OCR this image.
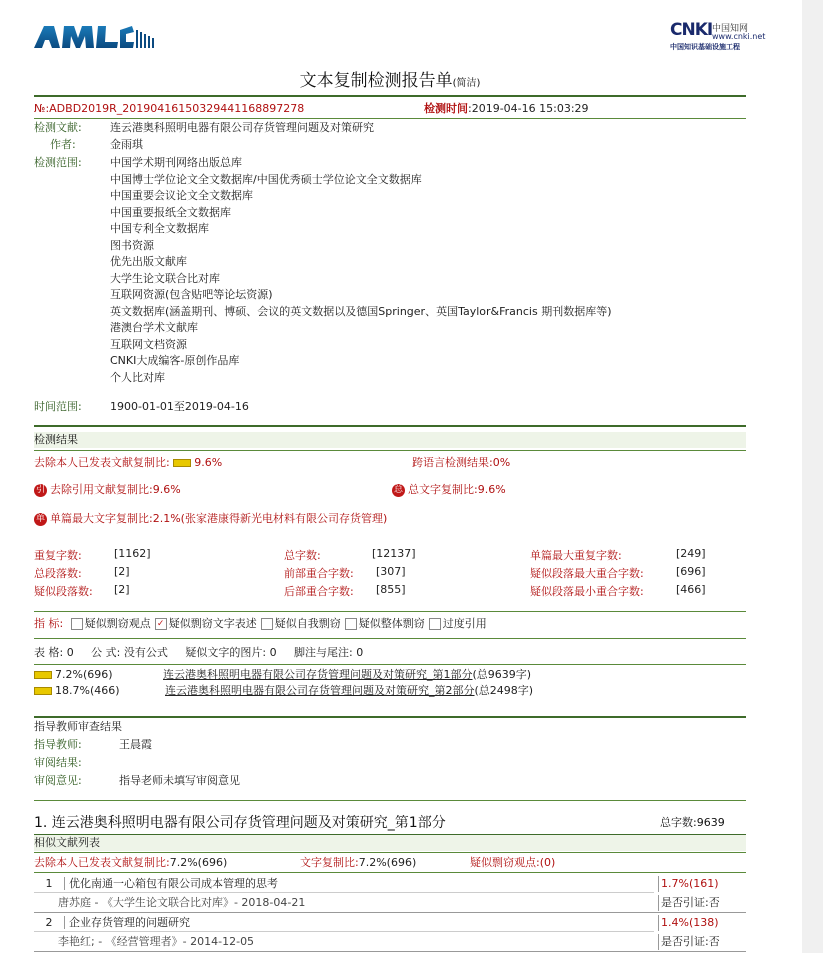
CNKI 中国知网
www.cnki.net
中国知识基础设施工程
文本复制检测报告单(简洁)
№:ADBD2019R_20190416150329441168897278	检测时间:2019-04-16 15:03:29
检测文献:	连云港奥科照明电器有限公司存货管理问题及对策研究
作者:	金雨琪
检测范围:	中国学术期刊网络出版总库
中国博士学位论文全文数据库/中国优秀硕士学位论文全文数据库
中国重要会议论文全文数据库
中国重要报纸全文数据库
中国专利全文数据库
图书资源
优先出版文献库
大学生论文联合比对库
互联网资源(包含贴吧等论坛资源)
英文数据库(涵盖期刊、博硕、会议的英文数据以及德国Springer、英国Taylor&Francis 期刊数据库等)
港澳台学术文献库
互联网文档资源
CNKI大成编客-原创作品库
个人比对库
时间范围:	1900-01-01至2019-04-16
检测结果
去除本人已发表文献复制比: 9.6%	跨语言检测结果:0%
引 去除引用文献复制比:9.6%	总 总文字复制比:9.6%
单 单篇最大文字复制比:2.1%(张家港康得新光电材料有限公司存货管理)
重复字数:	[1162]	总字数:	[12137]	单篇最大重复字数:	[249]
总段落数:	[2]	前部重合字数: [307]	疑似段落最大重合字数:	[696]
疑似段落数: [2]	后部重合字数: [855]	疑似段落最小重合字数:	[466]
指 标: 疑似剽窃观点 ✓ 疑似剽窃文字表述 疑似自我剽窃 疑似整体剽窃 过度引用
表 格: 0     公 式: 没有公式     疑似文字的图片: 0     脚注与尾注: 0
7.2%(696)	连云港奥科照明电器有限公司存货管理问题及对策研究_第1部分(总9639字)
18.7%(466)	连云港奥科照明电器有限公司存货管理问题及对策研究_第2部分(总2498字)
指导教师审查结果
指导教师:	王晨霞
审阅结果:
审阅意见:	指导老师未填写审阅意见
1. 连云港奥科照明电器有限公司存货管理问题及对策研究_第1部分	总字数:9639
相似文献列表
去除本人已发表文献复制比:7.2%(696)	文字复制比:7.2%(696)	疑似剽窃观点:(0)
1 优化南通一心箱包有限公司成本管理的思考	1.7%(161)
唐苏庭 - 《大学生论文联合比对库》- 2018-04-21	是否引证:否
2 企业存货管理的问题研究	1.4%(138)
李艳红; - 《经营管理者》- 2014-12-05	是否引证:否
